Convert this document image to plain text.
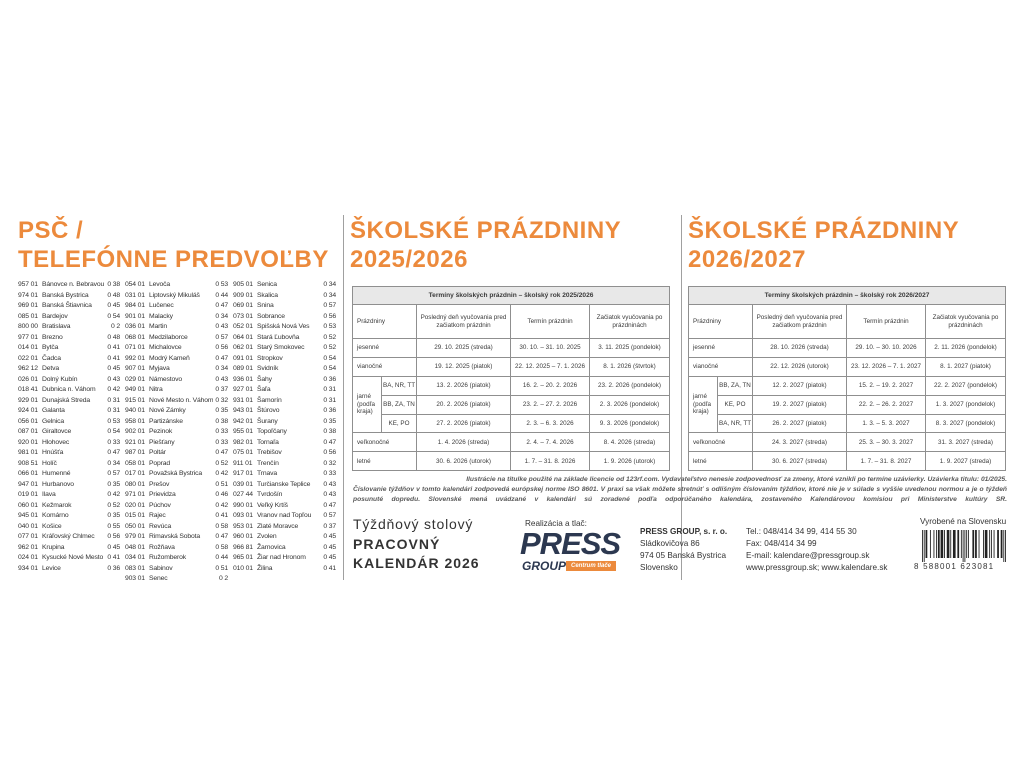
PSČ /
TELEFÓNNE PREDVOĽBY
957 01 Bánovce n. Bebravou 0 38
974 01 Banská Bystrica	0 48
969 01 Banská Štiavnica	0 45
085 01 Bardejov	0 54
800 00 Bratislava	0 2
977 01 Brezno	0 48
014 01 Bytča	0 41
022 01 Čadca	0 41
962 12 Detva	0 45
026 01 Dolný Kubín	0 43
018 41 Dubnica n. Váhom	0 42
929 01 Dunajská Streda	0 31
924 01 Galanta	0 31
056 01 Gelnica	0 53
087 01 Giraltovce	0 54
920 01 Hlohovec	0 33
981 01 Hnúšťa	0 47
908 51 Holíč	0 34
066 01 Humenné	0 57
947 01 Hurbanovo	0 35
019 01 Ilava	0 42
060 01 Kežmarok	0 52
945 01 Komárno	0 35
040 01 Košice	0 55
077 01 Kráľovský Chlmec	0 56
962 01 Krupina	0 45
024 01 Kysucké Nové Mesto 0 41
934 01 Levice	0 36
054 01 Levoča	0 53
031 01 Liptovský Mikuláš	0 44
984 01 Lučenec	0 47
901 01 Malacky	0 34
036 01 Martin	0 43
068 01 Medzilaborce	0 57
071 01 Michalovce	0 56
992 01 Modrý Kameň	0 47
907 01 Myjava	0 34
029 01 Námestovo	0 43
949 01 Nitra	0 37
915 01 Nové Mesto n. Váhom 0 32
940 01 Nové Zámky	0 35
958 01 Partizánske	0 38
902 01 Pezinok	0 33
921 01 Piešťany	0 33
987 01 Poltár	0 47
058 01 Poprad	0 52
017 01 Považská Bystrica	0 42
080 01 Prešov	0 51
971 01 Prievidza	0 46
020 01 Púchov	0 42
015 01 Rajec	0 41
050 01 Revúca	0 58
979 01 Rimavská Sobota	0 47
048 01 Rožňava	0 58
034 01 Ružomberok	0 44
083 01 Sabinov	0 51
903 01 Senec	0 2
905 01 Senica	0 34
909 01 Skalica	0 34
069 01 Snina	0 57
073 01 Sobrance	0 56
052 01 Spišská Nová Ves	0 53
064 01 Stará Ľubovňa	0 52
062 01 Starý Smokovec	0 52
091 01 Stropkov	0 54
089 01 Svidník	0 54
936 01 Šahy	0 36
927 01 Šaľa	0 31
931 01 Šamorín	0 31
943 01 Štúrovo	0 36
942 01 Šurany	0 35
955 01 Topoľčany	0 38
982 01 Tornaľa	0 47
075 01 Trebišov	0 56
911 01 Trenčín	0 32
917 01 Trnava	0 33
039 01 Turčianske Teplice	0 43
027 44 Tvrdošín	0 43
990 01 Veľký Krtíš	0 47
093 01 Vranov nad Topľou	0 57
953 01 Zlaté Moravce	0 37
960 01 Zvolen	0 45
966 81 Žarnovica	0 45
965 01 Žiar nad Hronom	0 45
010 01 Žilina	0 41
ŠKOLSKÉ PRÁZDNINY
2025/2026
Termíny školských prázdnin – školský rok 2025/2026				
Prázdniny		Posledný deň vyučovania pred začiatkom prázdnin	Termín prázdnin	Začiatok vyučovania po prázdninách
jesenné		29. 10. 2025 (streda)	30. 10. – 31. 10. 2025	3. 11. 2025 (pondelok)
vianočné		19. 12. 2025 (piatok)	22. 12. 2025 – 7. 1. 2026	8. 1. 2026 (štvrtok)
jarné (podľa kraja)	BA, NR, TT	13. 2. 2026 (piatok)	16. 2. – 20. 2. 2026	23. 2. 2026 (pondelok)
	BB, ZA, TN	20. 2. 2026 (piatok)	23. 2. – 27. 2. 2026	2. 3. 2026 (pondelok)
	KE, PO	27. 2. 2026 (piatok)	2. 3. – 6. 3. 2026	9. 3. 2026 (pondelok)
veľkonočné		1. 4. 2026 (streda)	2. 4. – 7. 4. 2026	8. 4. 2026 (streda)
letné		30. 6. 2026 (utorok)	1. 7. – 31. 8. 2026	1. 9. 2026 (utorok)
ŠKOLSKÉ PRÁZDNINY
2026/2027
Termíny školských prázdnin – školský rok 2026/2027				
Prázdniny		Posledný deň vyučovania pred začiatkom prázdnin	Termín prázdnin	Začiatok vyučovania po prázdninách
jesenné		28. 10. 2026 (streda)	29. 10. – 30. 10. 2026	2. 11. 2026 (pondelok)
vianočné		22. 12. 2026 (utorok)	23. 12. 2026 – 7. 1. 2027	8. 1. 2027 (piatok)
jarné (podľa kraja)	BB, ZA, TN	12. 2. 2027 (piatok)	15. 2. – 19. 2. 2027	22. 2. 2027 (pondelok)
	KE, PO	19. 2. 2027 (piatok)	22. 2. – 26. 2. 2027	1. 3. 2027 (pondelok)
	BA, NR, TT	26. 2. 2027 (piatok)	1. 3. – 5. 3. 2027	8. 3. 2027 (pondelok)
veľkonočné		24. 3. 2027 (streda)	25. 3. – 30. 3. 2027	31. 3. 2027 (streda)
letné		30. 6. 2027 (streda)	1. 7. – 31. 8. 2027	1. 9. 2027 (streda)

Ilustrácie na titulke použité na základe licencie od 123rf.com. Vydavateľstvo nenesie zodpovednosť za zmeny, ktoré vznikli po termíne uzávierky. Uzávierka titulu: 01/2025.

Číslovanie týždňov v tomto kalendári zodpovedá európskej norme ISO 8601. V praxi sa však môžete stretnúť s odlišným číslovaním týždňov, ktoré nie je v súlade s vyššie uvedenou normou a je o týždeň posunuté dopredu. Slovenské mená uvádzané v kalendári sú zoradené podľa odporúčaného kalendára, zostaveného Kalendárovou komisiou pri Ministerstve kultúry SR.

Týždňový stolový
PRACOVNÝ
KALENDÁR 2026
Realizácia a tlač:
PRESS
GROUP Centrum tlače
PRESS GROUP, s. r. o.
Sládkovičova 86
974 05 Banská Bystrica
Slovensko
Tel.: 048/414 34 99, 414 55 30
Fax: 048/414 34 99
E-mail: kalendare@pressgroup.sk
www.pressgroup.sk; www.kalendare.sk
Vyrobené na Slovensku
8 588001 623081
